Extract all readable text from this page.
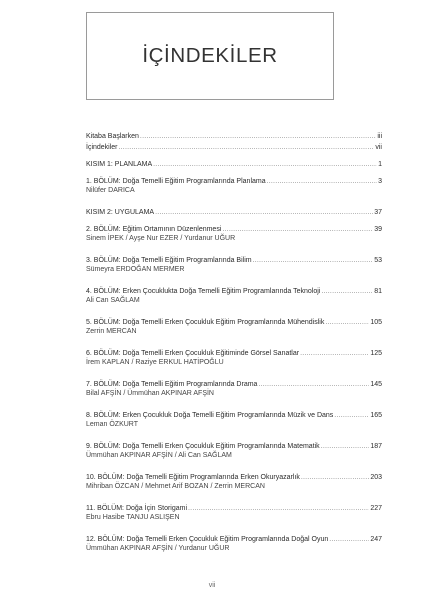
İÇİNDEKİLER
Kitaba Başlarken .....	iii
İçindekiler .....	vii
KISIM 1: PLANLAMA .....	1
1. BÖLÜM: Doğa Temelli Eğitim Programlarında Planlama .....	3
Nilüfer DARICA
KISIM 2: UYGULAMA .....	37
2. BÖLÜM: Eğitim Ortamının Düzenlenmesi .....	39
Sinem İPEK / Ayşe Nur EZER / Yurdanur UĞUR
3. BÖLÜM: Doğa Temelli Eğitim Programlarında Bilim .....	53
Sümeyra ERDOĞAN MERMER
4. BÖLÜM: Erken Çocuklukta Doğa Temelli Eğitim Programlarında Teknoloji .....	81
Ali Can SAĞLAM
5. BÖLÜM: Doğa Temelli Erken Çocukluk Eğitim Programlarında Mühendislik .....	105
Zerrin MERCAN
6. BÖLÜM: Doğa Temelli Erken Çocukluk Eğitiminde Görsel Sanatlar .....	125
İrem KAPLAN / Raziye ERKUL HATİPOĞLU
7. BÖLÜM: Doğa Temelli Eğitim Programlarında Drama .....	145
Bilal AFŞİN / Ümmühan AKPINAR AFŞİN
8. BÖLÜM: Erken Çocukluk Doğa Temelli Eğitim Programlarında Müzik ve Dans .....	165
Leman ÖZKURT
9. BÖLÜM: Doğa Temelli Erken Çocukluk Eğitim Programlarında Matematik .....	187
Ümmühan AKPINAR AFŞİN / Ali Can SAĞLAM
10. BÖLÜM: Doğa Temelli Eğitim Programlarında Erken Okuryazarlık .....	203
Mihriban ÖZCAN / Mehmet Arif BOZAN / Zerrin MERCAN
11. BÖLÜM: Doğa İçin Storigami .....	227
Ebru Hasibe TANJU ASLIŞEN
12. BÖLÜM: Doğa Temelli Erken Çocukluk Eğitim Programlarında Doğal Oyun .....	247
Ümmühan AKPINAR AFŞİN / Yurdanur UĞUR
vii
